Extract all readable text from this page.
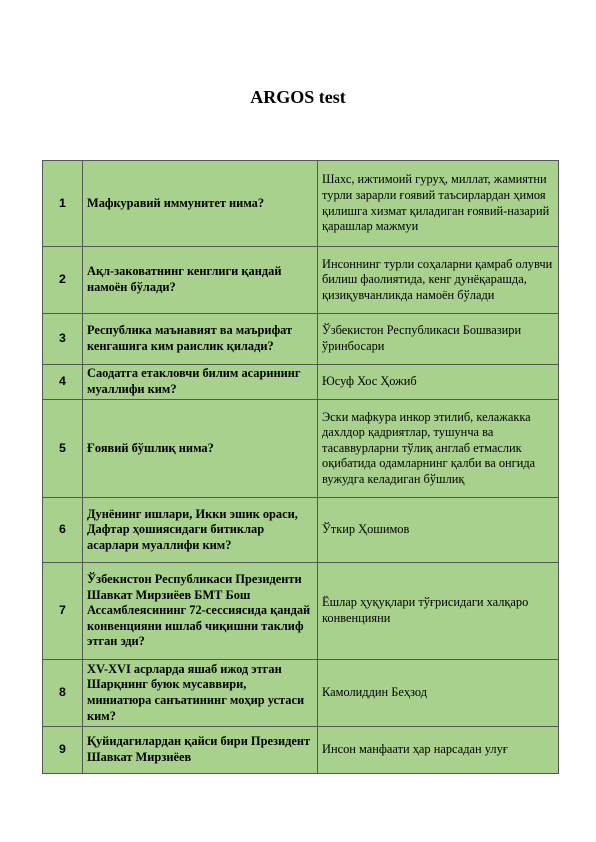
ARGOS test
1	Мафкуравий иммунитет нима?	Шахс, ижтимоий гуруҳ, миллат, жамиятни турли зарарли ғоявий таъсирлардан ҳимоя қилишга хизмат қиладиган ғоявий-назарий қарашлар мажмуи
2	Ақл-заковатнинг кенглиги қандай намоён бўлади?	Инсоннинг турли соҳаларни қамраб олувчи билиш фаолиятида, кенг дунёқарашда, қизиқувчанликда намоён бўлади
3	Республика маънавият ва маърифат кенгашига ким раислик қилади?	Ўзбекистон Республикаси Бошвазири ўринбосари
4	Саодатга етакловчи билим асарининг муаллифи ким?	Юсуф Хос Ҳожиб
5	Ғоявий бўшлиқ нима?	Эски мафкура инкор этилиб, келажакка дахлдор қадриятлар, тушунча ва тасаввурларни тўлиқ англаб етмаслик оқибатида одамларнинг қалби ва онгида вужудга келадиган бўшлиқ
6	Дунёнинг ишлари, Икки эшик ораси, Дафтар ҳошиясидаги битиклар асарлари муаллифи ким?	Ўткир Ҳошимов
7	Ўзбекистон Республикаси Президенти Шавкат Мирзиёев БМТ Бош Ассамблеясининг 72-сессиясида қандай конвенцияни ишлаб чиқишни таклиф этган эди?	Ёшлар ҳуқуқлари тўғрисидаги халқаро конвенцияни
8	XV-XVI асрларда яшаб ижод этган Шарқнинг буюк мусаввири, миниатюра санъатининг моҳир устаси ким?	Камолиддин Беҳзод
9	Қуйидагилардан қайси бири Президент Шавкат Мирзиёев	Инсон манфаати ҳар нарсадан улуғ
